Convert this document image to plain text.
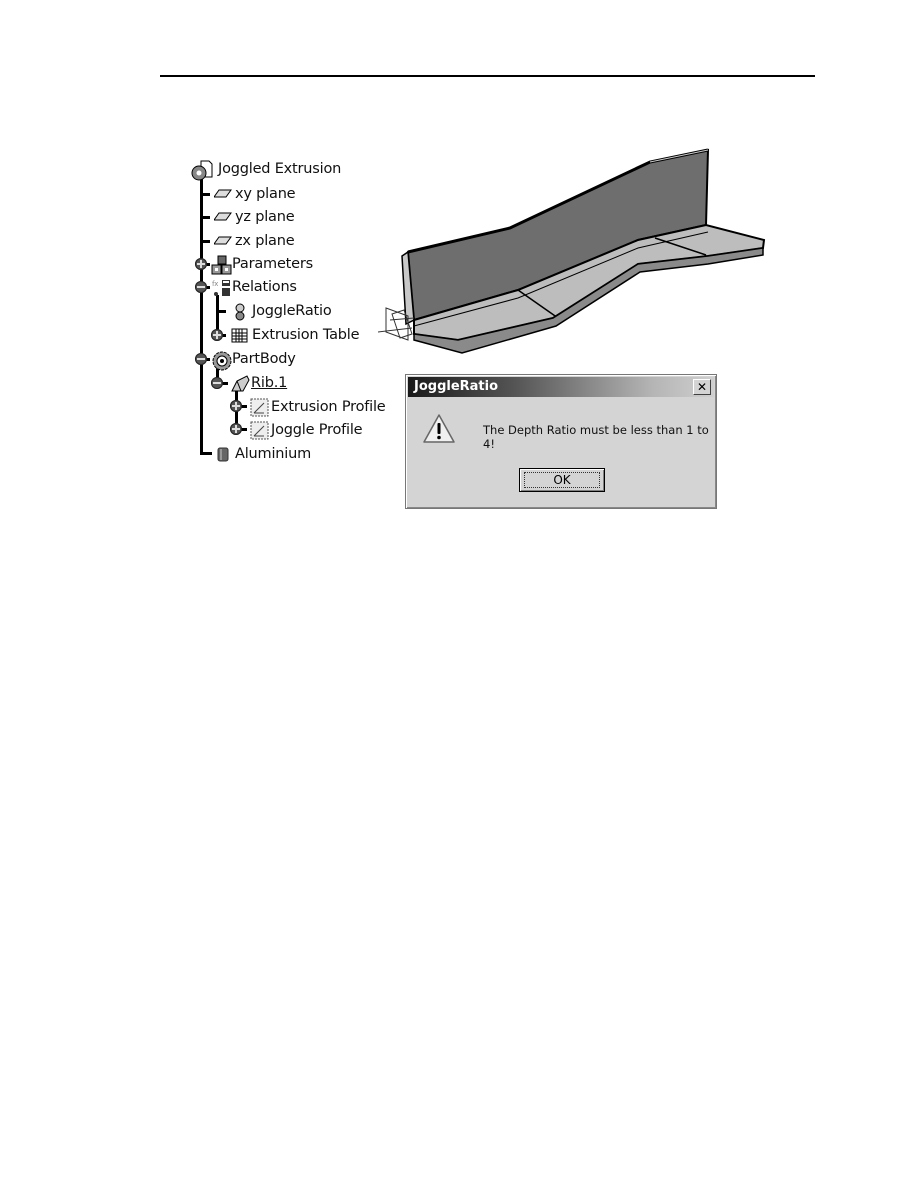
Joggled Extrusion
xy plane
yz plane
zx plane
Parameters
fx Relations
JoggleRatio
Extrusion Table
PartBody
Rib.1
Extrusion Profile
Joggle Profile
Aluminium
JoggleRatio	✕
The Depth Ratio must be less than 1 to 4!
OK
